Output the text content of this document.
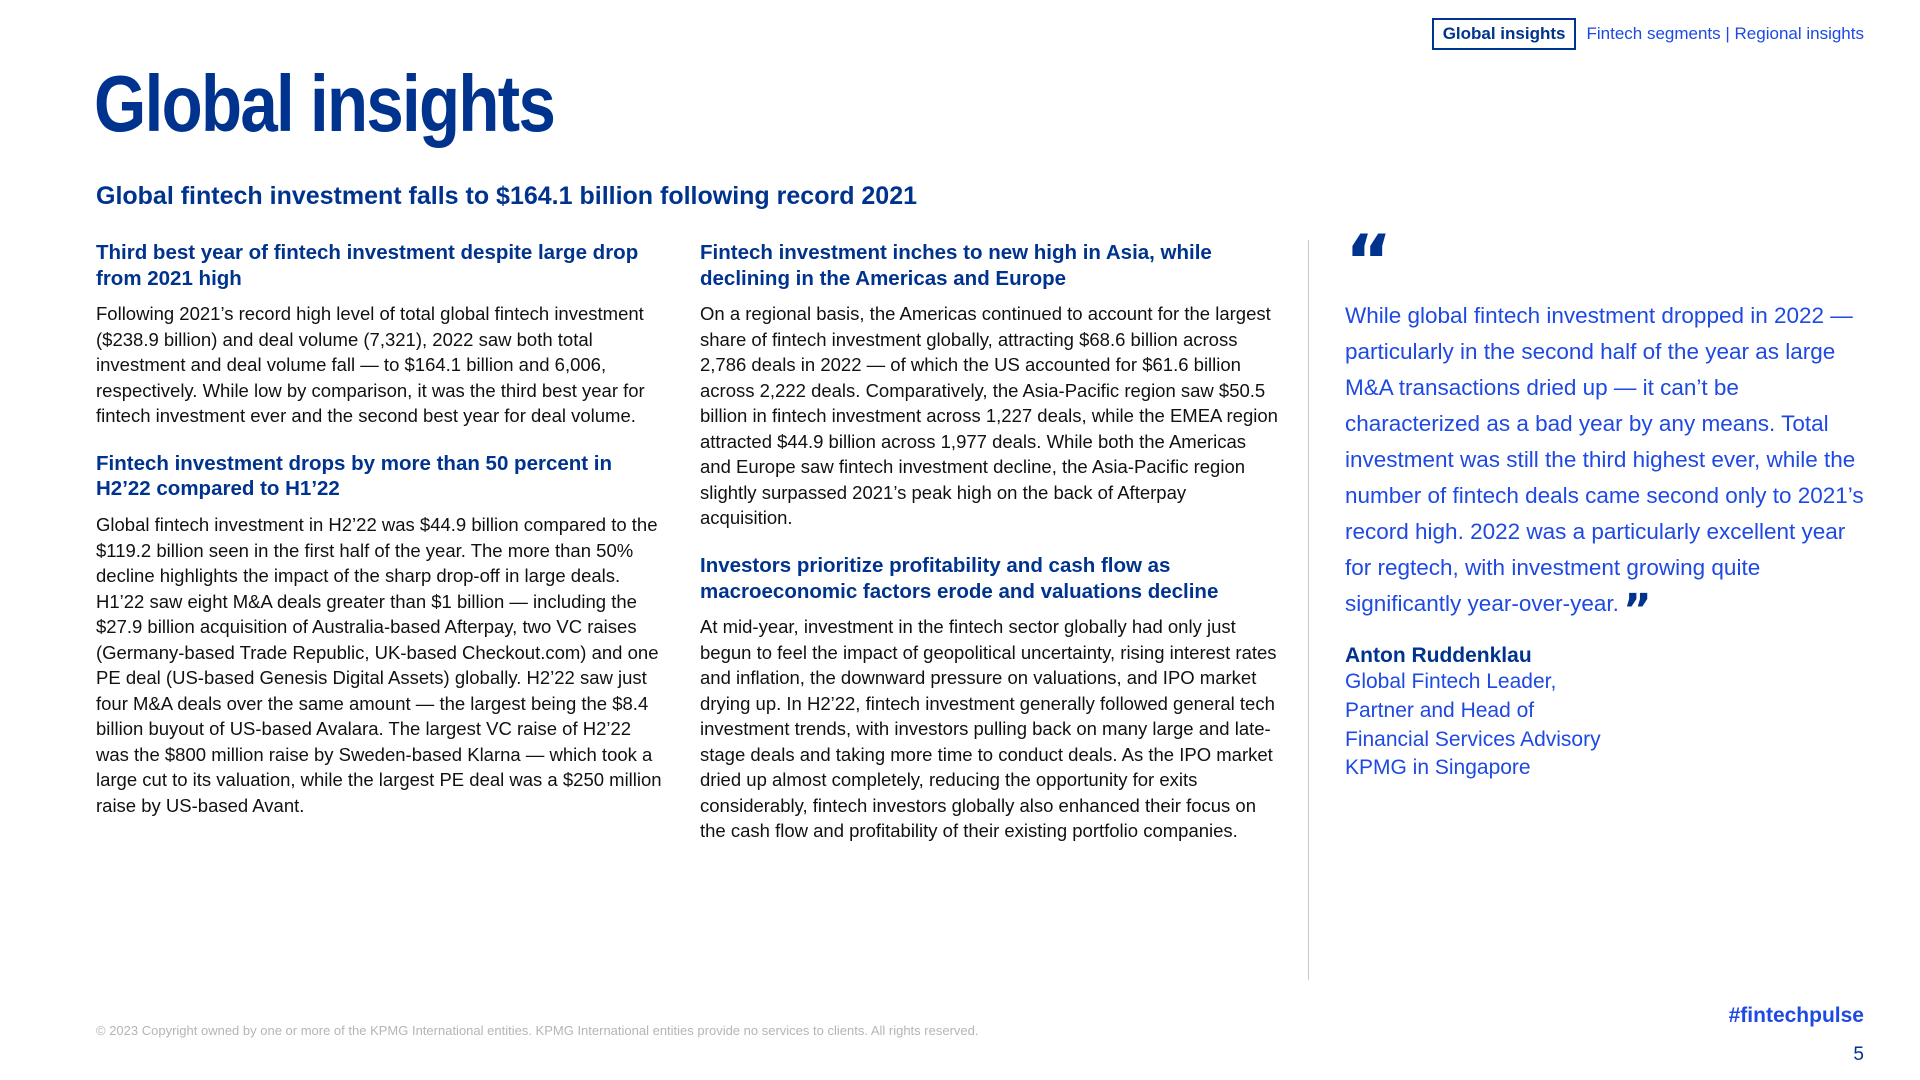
Global insights	Fintech segments | Regional insights
Global insights
Global fintech investment falls to $164.1 billion following record 2021
Third best year of fintech investment despite large drop from 2021 high

Following 2021’s record high level of total global fintech investment ($238.9 billion) and deal volume (7,321), 2022 saw both total investment and deal volume fall — to $164.1 billion and 6,006, respectively. While low by comparison, it was the third best year for fintech investment ever and the second best year for deal volume.

Fintech investment drops by more than 50 percent in H2’22 compared to H1’22

Global fintech investment in H2’22 was $44.9 billion compared to the $119.2 billion seen in the first half of the year. The more than 50% decline highlights the impact of the sharp drop-off in large deals. H1’22 saw eight M&A deals greater than $1 billion — including the $27.9 billion acquisition of Australia-based Afterpay, two VC raises (Germany-based Trade Republic, UK-based Checkout.com) and one PE deal (US-based Genesis Digital Assets) globally. H2’22 saw just four M&A deals over the same amount — the largest being the $8.4 billion buyout of US-based Avalara. The largest VC raise of H2’22 was the $800 million raise by Sweden-based Klarna — which took a large cut to its valuation, while the largest PE deal was a $250 million raise by US-based Avant.

Fintech investment inches to new high in Asia, while declining in the Americas and Europe

On a regional basis, the Americas continued to account for the largest share of fintech investment globally, attracting $68.6 billion across 2,786 deals in 2022 — of which the US accounted for $61.6 billion across 2,222 deals. Comparatively, the Asia-Pacific region saw $50.5 billion in fintech investment across 1,227 deals, while the EMEA region attracted $44.9 billion across 1,977 deals. While both the Americas and Europe saw fintech investment decline, the Asia-Pacific region slightly surpassed 2021’s peak high on the back of Afterpay acquisition.

Investors prioritize profitability and cash flow as macroeconomic factors erode and valuations decline

At mid-year, investment in the fintech sector globally had only just begun to feel the impact of geopolitical uncertainty, rising interest rates and inflation, the downward pressure on valuations, and IPO market drying up. In H2’22, fintech investment generally followed general tech investment trends, with investors pulling back on many large and late-stage deals and taking more time to conduct deals. As the IPO market dried up almost completely, reducing the opportunity for exits considerably, fintech investors globally also enhanced their focus on the cash flow and profitability of their existing portfolio companies.

“

While global fintech investment dropped in 2022 — particularly in the second half of the year as large M&A transactions dried up — it can’t be characterized as a bad year by any means. Total investment was still the third highest ever, while the number of fintech deals came second only to 2021’s record high. 2022 was a particularly excellent year for regtech, with investment growing quite significantly year-over-year.”

Anton Ruddenklau
Global Fintech Leader,
Partner and Head of
Financial Services Advisory
KPMG in Singapore
© 2023 Copyright owned by one or more of the KPMG International entities. KPMG International entities provide no services to clients. All rights reserved.
#fintechpulse
5
